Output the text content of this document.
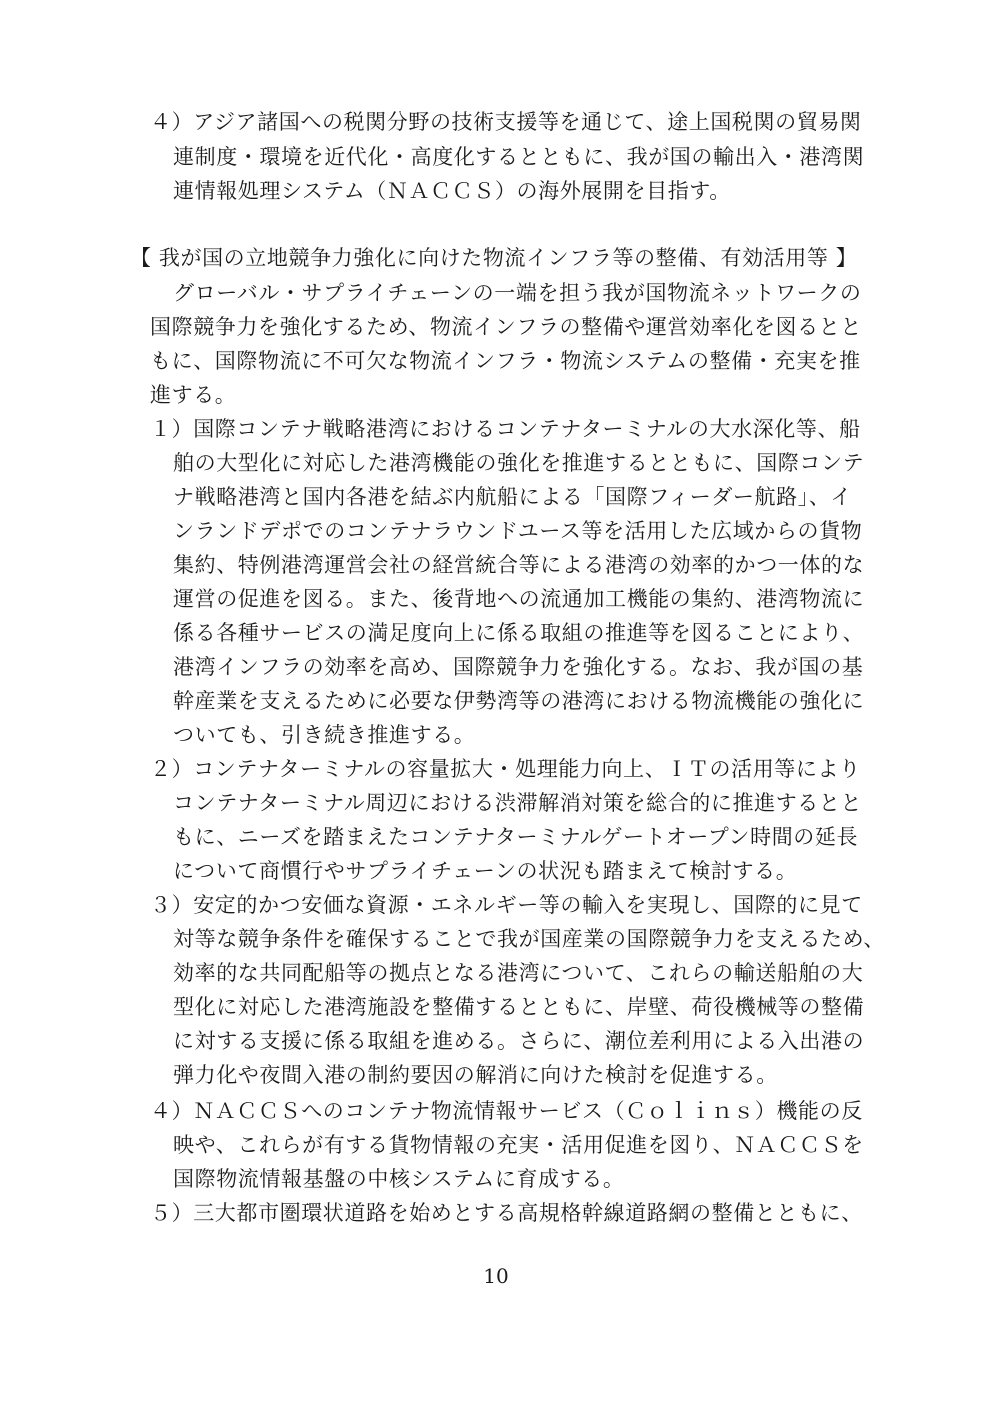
４）アジア諸国への税関分野の技術支援等を通じて、途上国税関の貿易関
連制度・環境を近代化・高度化するとともに、我が国の輸出入・港湾関
連情報処理システム（ＮＡＣＣＳ）の海外展開を目指す。
【 我が国の立地競争力強化に向けた物流インフラ等の整備、有効活用等 】
グローバル・サプライチェーンの一端を担う我が国物流ネットワークの
国際競争力を強化するため、物流インフラの整備や運営効率化を図るとと
もに、国際物流に不可欠な物流インフラ・物流システムの整備・充実を推
進する。
１）国際コンテナ戦略港湾におけるコンテナターミナルの大水深化等、船
舶の大型化に対応した港湾機能の強化を推進するとともに、国際コンテ
ナ戦略港湾と国内各港を結ぶ内航船による「国際フィーダー航路」、イ
ンランドデポでのコンテナラウンドユース等を活用した広域からの貨物
集約、特例港湾運営会社の経営統合等による港湾の効率的かつ一体的な
運営の促進を図る。また、後背地への流通加工機能の集約、港湾物流に
係る各種サービスの満足度向上に係る取組の推進等を図ることにより、
港湾インフラの効率を高め、国際競争力を強化する。なお、我が国の基
幹産業を支えるために必要な伊勢湾等の港湾における物流機能の強化に
ついても、引き続き推進する。
２）コンテナターミナルの容量拡大・処理能力向上、ＩＴの活用等により
コンテナターミナル周辺における渋滞解消対策を総合的に推進するとと
もに、ニーズを踏まえたコンテナターミナルゲートオープン時間の延長
について商慣行やサプライチェーンの状況も踏まえて検討する。
３）安定的かつ安価な資源・エネルギー等の輸入を実現し、国際的に見て
対等な競争条件を確保することで我が国産業の国際競争力を支えるため、
効率的な共同配船等の拠点となる港湾について、これらの輸送船舶の大
型化に対応した港湾施設を整備するとともに、岸壁、荷役機械等の整備
に対する支援に係る取組を進める。さらに、潮位差利用による入出港の
弾力化や夜間入港の制約要因の解消に向けた検討を促進する。
４）ＮＡＣＣＳへのコンテナ物流情報サービス（Ｃｏｌｉｎｓ）機能の反
映や、これらが有する貨物情報の充実・活用促進を図り、ＮＡＣＣＳを
国際物流情報基盤の中核システムに育成する。
５）三大都市圏環状道路を始めとする高規格幹線道路網の整備とともに、
10
